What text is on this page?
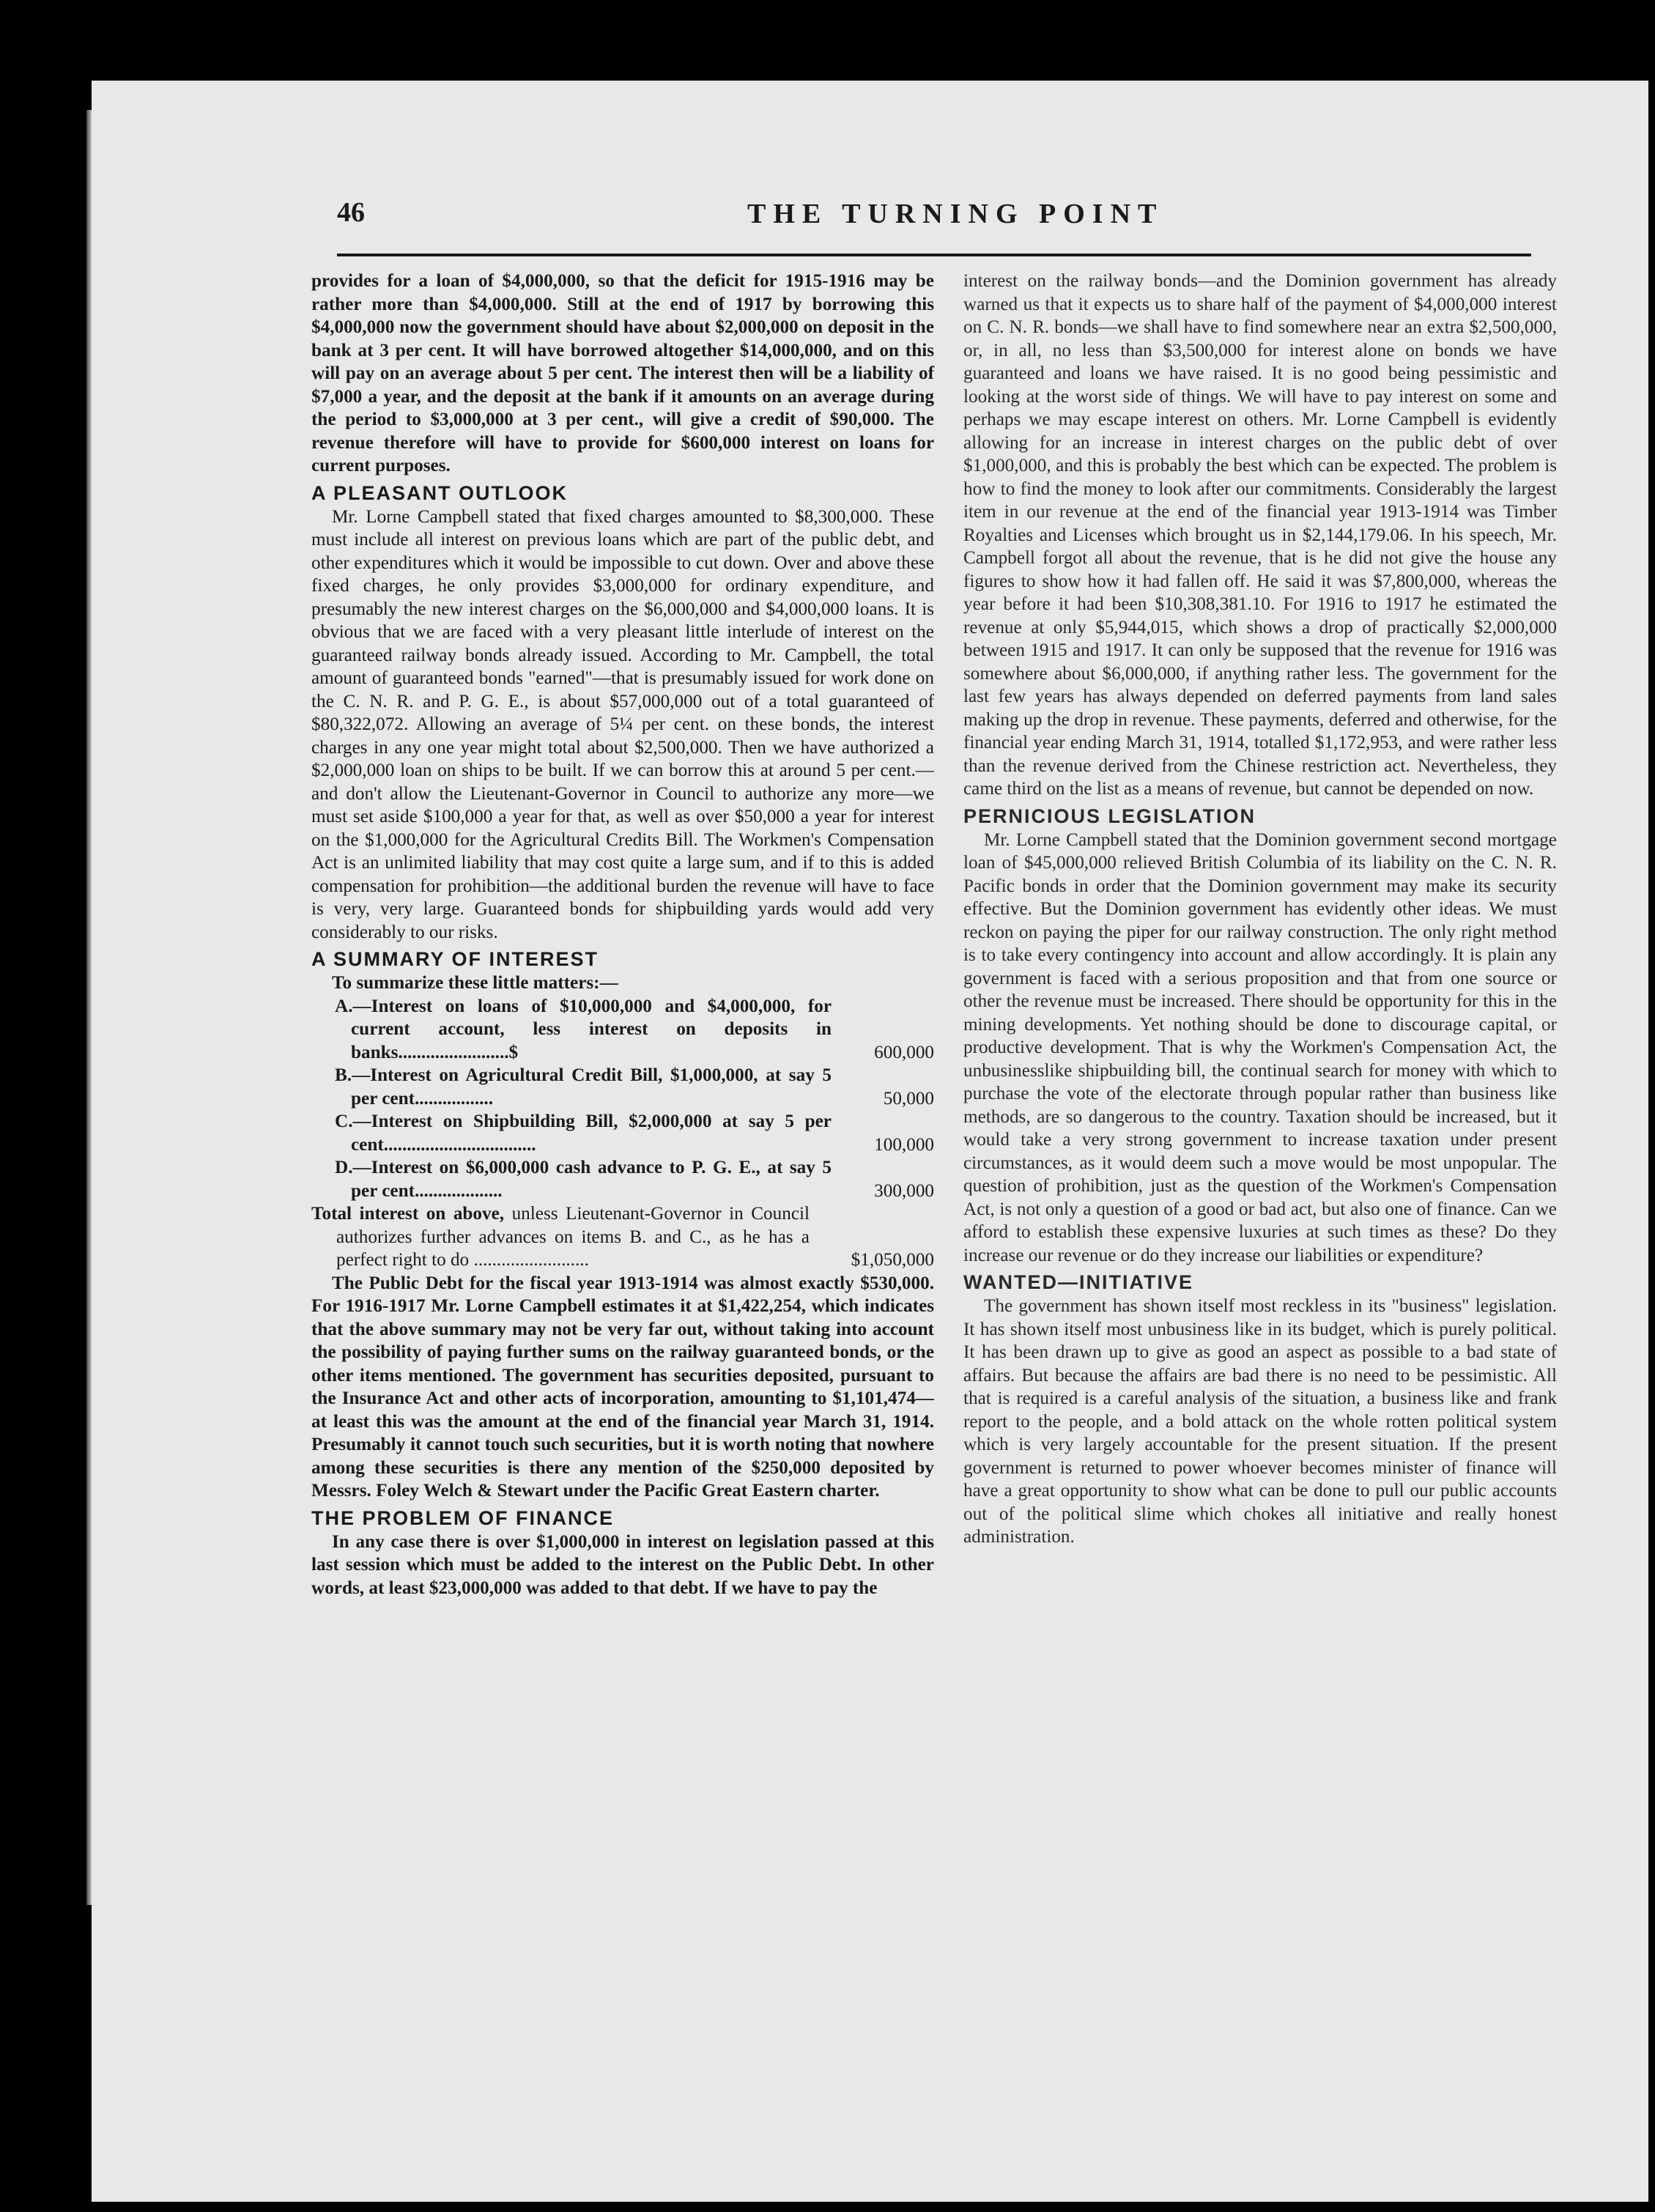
46	THE TURNING POINT

provides for a loan of $4,000,000, so that the deficit for 1915-1916 may be rather more than $4,000,000. Still at the end of 1917 by borrowing this $4,000,000 now the government should have about $2,000,000 on deposit in the bank at 3 per cent. It will have borrowed altogether $14,000,000, and on this will pay on an average about 5 per cent. The interest then will be a liability of $7,000 a year, and the deposit at the bank if it amounts on an average during the period to $3,000,000 at 3 per cent., will give a credit of $90,000. The revenue therefore will have to provide for $600,000 interest on loans for current purposes.

A PLEASANT OUTLOOK

Mr. Lorne Campbell stated that fixed charges amounted to $8,300,000. These must include all interest on previous loans which are part of the public debt, and other expenditures which it would be impossible to cut down. Over and above these fixed charges, he only provides $3,000,000 for ordinary expenditure, and presumably the new interest charges on the $6,000,000 and $4,000,000 loans. It is obvious that we are faced with a very pleasant little interlude of interest on the guaranteed railway bonds already issued. According to Mr. Campbell, the total amount of guaranteed bonds "earned"—that is presumably issued for work done on the C. N. R. and P. G. E., is about $57,000,000 out of a total guaranteed of $80,322,072. Allowing an average of 5¼ per cent. on these bonds, the interest charges in any one year might total about $2,500,000. Then we have authorized a $2,000,000 loan on ships to be built. If we can borrow this at around 5 per cent.—and don't allow the Lieutenant-Governor in Council to authorize any more—we must set aside $100,000 a year for that, as well as over $50,000 a year for interest on the $1,000,000 for the Agricultural Credits Bill. The Workmen's Compensation Act is an unlimited liability that may cost quite a large sum, and if to this is added compensation for prohibition—the additional burden the revenue will have to face is very, very large. Guaranteed bonds for shipbuilding yards would add very considerably to our risks.

A SUMMARY OF INTEREST

To summarize these little matters:—

A.—Interest on loans of $10,000,000 and $4,000,000, for current account, less interest on deposits in banks........................$	600,000
B.—Interest on Agricultural Credit Bill, $1,000,000, at say 5 per cent.................	50,000
C.—Interest on Shipbuilding Bill, $2,000,000 at say 5 per cent.................................	100,000
D.—Interest on $6,000,000 cash advance to P. G. E., at say 5 per cent...................	300,000
Total interest on above, unless Lieutenant-Governor in Council authorizes further advances on items B. and C., as he has a perfect right to do .........................	$1,050,000

The Public Debt for the fiscal year 1913-1914 was almost exactly $530,000. For 1916-1917 Mr. Lorne Campbell estimates it at $1,422,254, which indicates that the above summary may not be very far out, without taking into account the possibility of paying further sums on the railway guaranteed bonds, or the other items mentioned. The government has securities deposited, pursuant to the Insurance Act and other acts of incorporation, amounting to $1,101,474—at least this was the amount at the end of the financial year March 31, 1914. Presumably it cannot touch such securities, but it is worth noting that nowhere among these securities is there any mention of the $250,000 deposited by Messrs. Foley Welch & Stewart under the Pacific Great Eastern charter.

THE PROBLEM OF FINANCE

In any case there is over $1,000,000 in interest on legislation passed at this last session which must be added to the interest on the Public Debt. In other words, at least $23,000,000 was added to that debt. If we have to pay the

interest on the railway bonds—and the Dominion government has already warned us that it expects us to share half of the payment of $4,000,000 interest on C. N. R. bonds—we shall have to find somewhere near an extra $2,500,000, or, in all, no less than $3,500,000 for interest alone on bonds we have guaranteed and loans we have raised. It is no good being pessimistic and looking at the worst side of things. We will have to pay interest on some and perhaps we may escape interest on others. Mr. Lorne Campbell is evidently allowing for an increase in interest charges on the public debt of over $1,000,000, and this is probably the best which can be expected. The problem is how to find the money to look after our commitments. Considerably the largest item in our revenue at the end of the financial year 1913-1914 was Timber Royalties and Licenses which brought us in $2,144,179.06. In his speech, Mr. Campbell forgot all about the revenue, that is he did not give the house any figures to show how it had fallen off. He said it was $7,800,000, whereas the year before it had been $10,308,381.10. For 1916 to 1917 he estimated the revenue at only $5,944,015, which shows a drop of practically $2,000,000 between 1915 and 1917. It can only be supposed that the revenue for 1916 was somewhere about $6,000,000, if anything rather less. The government for the last few years has always depended on deferred payments from land sales making up the drop in revenue. These payments, deferred and otherwise, for the financial year ending March 31, 1914, totalled $1,172,953, and were rather less than the revenue derived from the Chinese restriction act. Nevertheless, they came third on the list as a means of revenue, but cannot be depended on now.

PERNICIOUS LEGISLATION

Mr. Lorne Campbell stated that the Dominion government second mortgage loan of $45,000,000 relieved British Columbia of its liability on the C. N. R. Pacific bonds in order that the Dominion government may make its security effective. But the Dominion government has evidently other ideas. We must reckon on paying the piper for our railway construction. The only right method is to take every contingency into account and allow accordingly. It is plain any government is faced with a serious proposition and that from one source or other the revenue must be increased. There should be opportunity for this in the mining developments. Yet nothing should be done to discourage capital, or productive development. That is why the Workmen's Compensation Act, the unbusinesslike shipbuilding bill, the continual search for money with which to purchase the vote of the electorate through popular rather than business like methods, are so dangerous to the country. Taxation should be increased, but it would take a very strong government to increase taxation under present circumstances, as it would deem such a move would be most unpopular. The question of prohibition, just as the question of the Workmen's Compensation Act, is not only a question of a good or bad act, but also one of finance. Can we afford to establish these expensive luxuries at such times as these? Do they increase our revenue or do they increase our liabilities or expenditure?

WANTED—INITIATIVE

The government has shown itself most reckless in its "business" legislation. It has shown itself most unbusiness like in its budget, which is purely political. It has been drawn up to give as good an aspect as possible to a bad state of affairs. But because the affairs are bad there is no need to be pessimistic. All that is required is a careful analysis of the situation, a business like and frank report to the people, and a bold attack on the whole rotten political system which is very largely accountable for the present situation. If the present government is returned to power whoever becomes minister of finance will have a great opportunity to show what can be done to pull our public accounts out of the political slime which chokes all initiative and really honest administration.
